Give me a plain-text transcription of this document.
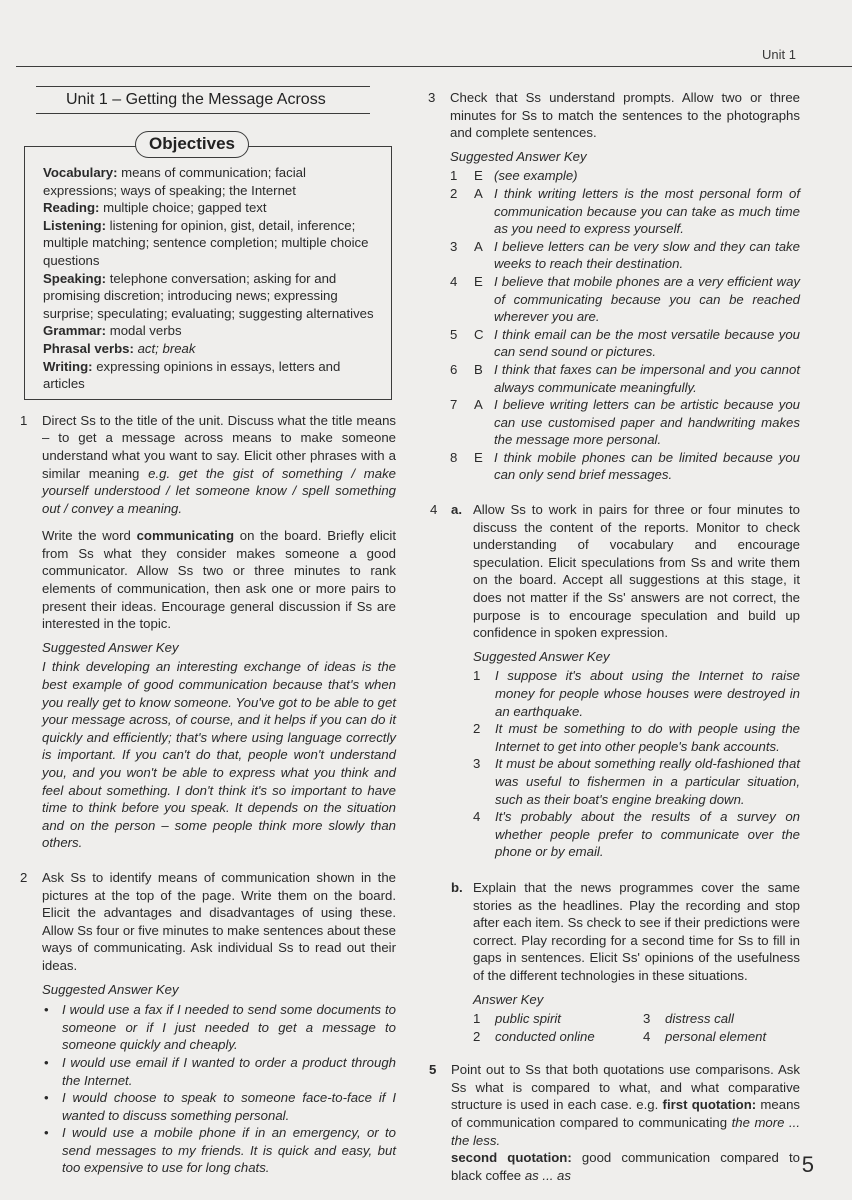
Unit 1
Unit 1 – Getting the Message Across
Objectives
Vocabulary: means of communication; facial expressions; ways of speaking; the Internet
Reading: multiple choice; gapped text
Listening: listening for opinion, gist, detail, inference; multiple matching; sentence completion; multiple choice questions
Speaking: telephone conversation; asking for and promising discretion; introducing news; expressing surprise; speculating; evaluating; suggesting alternatives
Grammar: modal verbs
Phrasal verbs: act; break
Writing: expressing opinions in essays, letters and articles
1 Direct Ss to the title of the unit. Discuss what the title means – to get a message across means to make someone understand what you want to say. Elicit other phrases with a similar meaning e.g. get the gist of something / make yourself understood / let someone know / spell something out / convey a meaning.
Write the word communicating on the board. Briefly elicit from Ss what they consider makes someone a good communicator. Allow Ss two or three minutes to rank elements of communication, then ask one or more pairs to present their ideas. Encourage general discussion if Ss are interested in the topic.
Suggested Answer Key
I think developing an interesting exchange of ideas is the best example of good communication because that's when you really get to know someone. You've got to be able to get your message across, of course, and it helps if you can do it quickly and efficiently; that's where using language correctly is important. If you can't do that, people won't understand you, and you won't be able to express what you think and feel about something. I don't think it's so important to have time to think before you speak. It depends on the situation and on the person – some people think more slowly than others.
2 Ask Ss to identify means of communication shown in the pictures at the top of the page. Write them on the board. Elicit the advantages and disadvantages of using these. Allow Ss four or five minutes to make sentences about these ways of communicating. Ask individual Ss to read out their ideas.
Suggested Answer Key
• I would use a fax if I needed to send some documents to someone or if I just needed to get a message to someone quickly and cheaply.
• I would use email if I wanted to order a product through the Internet.
• I would choose to speak to someone face-to-face if I wanted to discuss something personal.
• I would use a mobile phone if in an emergency, or to send messages to my friends. It is quick and easy, but too expensive to use for long chats.
3 Check that Ss understand prompts. Allow two or three minutes for Ss to match the sentences to the photographs and complete sentences.
Suggested Answer Key
1 E (see example)
2 A I think writing letters is the most personal form of communication because you can take as much time as you need to express yourself.
3 A I believe letters can be very slow and they can take weeks to reach their destination.
4 E I believe that mobile phones are a very efficient way of communicating because you can be reached wherever you are.
5 C I think email can be the most versatile because you can send sound or pictures.
6 B I think that faxes can be impersonal and you cannot always communicate meaningfully.
7 A I believe writing letters can be artistic because you can use customised paper and handwriting makes the message more personal.
8 E I think mobile phones can be limited because you can only send brief messages.
4 a. Allow Ss to work in pairs for three or four minutes to discuss the content of the reports. Monitor to check understanding of vocabulary and encourage speculation. Elicit speculations from Ss and write them on the board. Accept all suggestions at this stage, it does not matter if the Ss' answers are not correct, the purpose is to encourage speculation and build up confidence in spoken expression.
Suggested Answer Key
1 I suppose it's about using the Internet to raise money for people whose houses were destroyed in an earthquake.
2 It must be something to do with people using the Internet to get into other people's bank accounts.
3 It must be about something really old-fashioned that was useful to fishermen in a particular situation, such as their boat's engine breaking down.
4 It's probably about the results of a survey on whether people prefer to communicate over the phone or by email.
b. Explain that the news programmes cover the same stories as the headlines. Play the recording and stop after each item. Ss check to see if their predictions were correct. Play recording for a second time for Ss to fill in gaps in sentences. Elicit Ss' opinions of the usefulness of the different technologies in these situations.
Answer Key
1	public spirit	3	distress call
2	conducted online	4	personal element
5 Point out to Ss that both quotations use comparisons. Ask Ss what is compared to what, and what comparative structure is used in each case. e.g. first quotation: means of communication compared to communicating the more ... the less.
second quotation: good communication compared to black coffee as ... as	5
